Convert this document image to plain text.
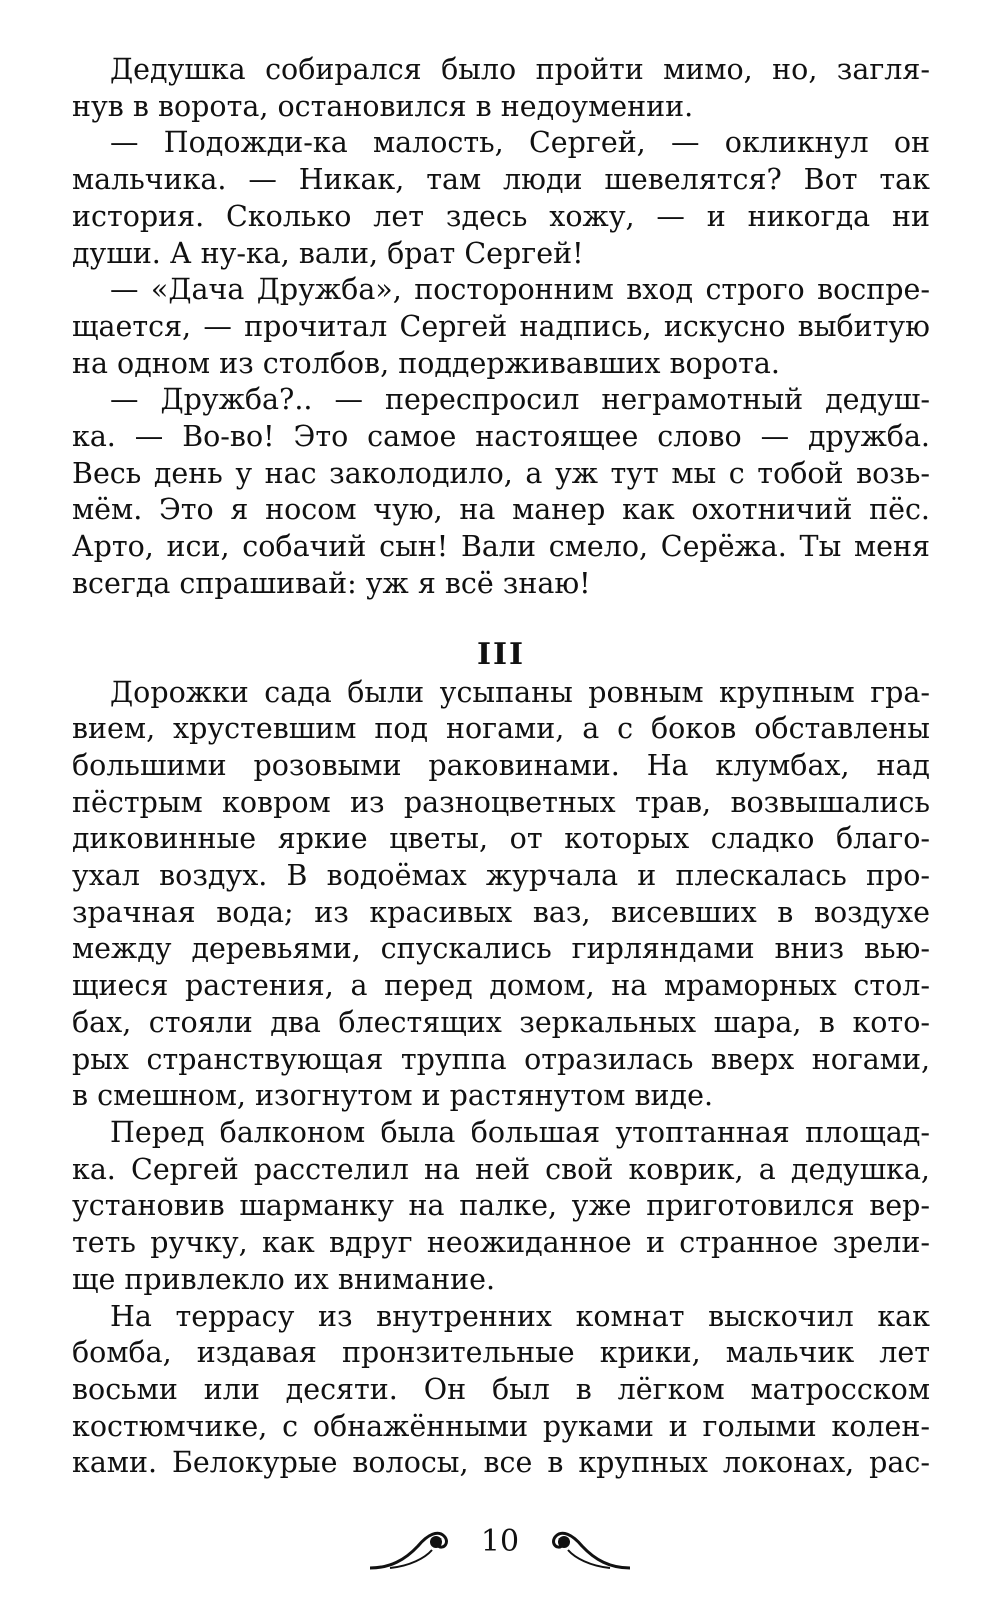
Дедушка собирался было пройти мимо, но, загля-
нув в ворота, остановился в недоумении.
— Подожди-ка малость, Сергей, — окликнул он
мальчика. — Никак, там люди шевелятся? Вот так
история. Сколько лет здесь хожу, — и никогда ни
души. А ну-ка, вали, брат Сергей!
— «Дача Дружба», посторонним вход строго воспре-
щается, — прочитал Сергей надпись, искусно выбитую
на одном из столбов, поддерживавших ворота.
— Дружба?.. — переспросил неграмотный дедуш-
ка. — Во-во! Это самое настоящее слово — дружба.
Весь день у нас заколодило, а уж тут мы с тобой возь-
мём. Это я носом чую, на манер как охотничий пёс.
Арто, иси, собачий сын! Вали смело, Серёжа. Ты меня
всегда спрашивай: уж я всё знаю!
III
Дорожки сада были усыпаны ровным крупным гра-
вием, хрустевшим под ногами, а с боков обставлены
большими розовыми раковинами. На клумбах, над
пёстрым ковром из разноцветных трав, возвышались
диковинные яркие цветы, от которых сладко благо-
ухал воздух. В водоёмах журчала и плескалась про-
зрачная вода; из красивых ваз, висевших в воздухе
между деревьями, спускались гирляндами вниз вью-
щиеся растения, а перед домом, на мраморных стол-
бах, стояли два блестящих зеркальных шара, в кото-
рых странствующая труппа отразилась вверх ногами,
в смешном, изогнутом и растянутом виде.
Перед балконом была большая утоптанная площад-
ка. Сергей расстелил на ней свой коврик, а дедушка,
установив шарманку на палке, уже приготовился вер-
теть ручку, как вдруг неожиданное и странное зрели-
ще привлекло их внимание.
На террасу из внутренних комнат выскочил как
бомба, издавая пронзительные крики, мальчик лет
восьми или десяти. Он был в лёгком матросском
костюмчике, с обнажёнными руками и голыми колен-
ками. Белокурые волосы, все в крупных локонах, рас-
10
